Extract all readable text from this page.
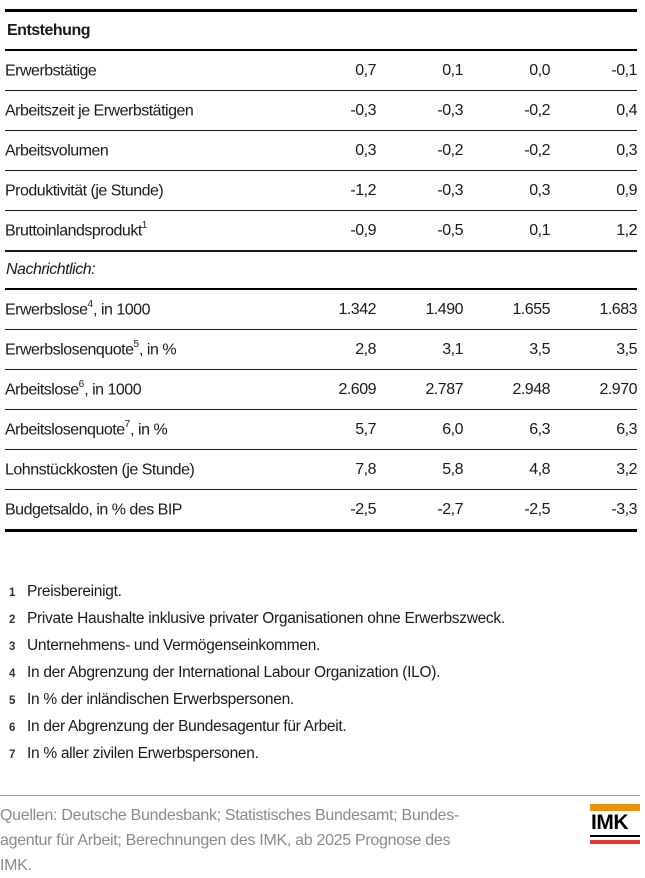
Entstehung				
Erwerbstätige	0,7	0,1	0,0	-0,1
Arbeitszeit je Erwerbstätigen	-0,3	-0,3	-0,2	0,4
Arbeitsvolumen	0,3	-0,2	-0,2	0,3
Produktivität (je Stunde)	-1,2	-0,3	0,3	0,9
Bruttoinlandsprodukt$^1$	-0,9	-0,5	0,1	1,2
Nachrichtlich:				
Erwerbslose$^4$, in 1000	1.342	1.490	1.655	1.683
Erwerbslosenquote$^5$, in %	2,8	3,1	3,5	3,5
Arbeitslose$^6$, in 1000	2.609	2.787	2.948	2.970
Arbeitslosenquote$^7$, in %	5,7	6,0	6,3	6,3
Lohnstückkosten (je Stunde)	7,8	5,8	4,8	3,2
Budgetsaldo, in % des BIP	-2,5	-2,7	-2,5	-3,3
1 Preisbereinigt.
2 Private Haushalte inklusive privater Organisationen ohne Erwerbszweck.
3 Unternehmens- und Vermögenseinkommen.
4 In der Abgrenzung der International Labour Organization (ILO).
5 In % der inländischen Erwerbspersonen.
6 In der Abgrenzung der Bundesagentur für Arbeit.
7 In % aller zivilen Erwerbspersonen.
Quellen: Deutsche Bundesbank; Statistisches Bundesamt; Bundes-
agentur für Arbeit; Berechnungen des IMK, ab 2025 Prognose des
IMK.
IMK
